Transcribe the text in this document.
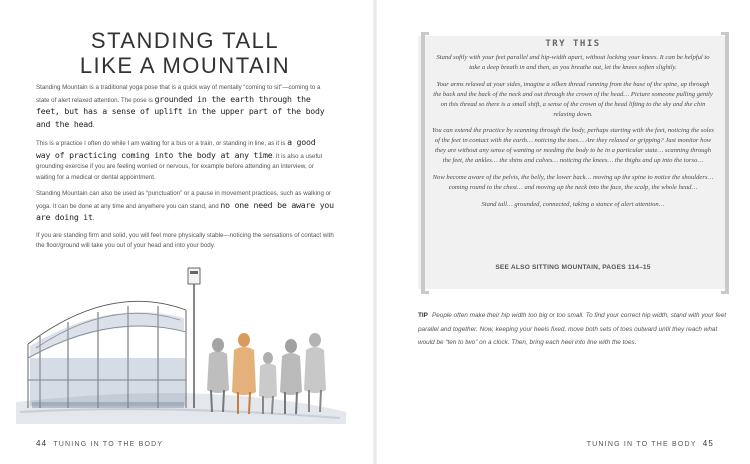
STANDING TALL
LIKE A MOUNTAIN

Standing Mountain is a traditional yoga pose that is a quick way of mentally “coming to sit”—coming to a state of alert relaxed attention. The pose is grounded in the earth through the feet, but has a sense of uplift in the upper part of the body and the head.

This is a practice I often do while I am waiting for a bus or a train, or standing in line, as it is a good way of practicing coming into the body at any time. It is also a useful grounding exercise if you are feeling worried or nervous, for example before attending an interview, or waiting for a medical or dental appointment.

Standing Mountain can also be used as “punctuation” or a pause in movement practices, such as walking or yoga. It can be done at any time and anywhere you can stand, and no one need be aware you are doing it.

If you are standing firm and solid, you will feel more physically stable—noticing the sensations of contact with the floor/ground will take you out of your head and into your body.

44 TUNING IN TO THE BODY
TRY THIS

Stand softly with your feet parallel and hip-width apart, without locking your knees. It can be helpful to take a deep breath in and then, as you breathe out, let the knees soften slightly.

Your arms relaxed at your sides, imagine a silken thread running from the base of the spine, up through the back and the back of the neck and out through the crown of the head… Picture someone pulling gently on this thread so there is a small shift, a sense of the crown of the head lifting to the sky and the chin relaxing down.

You can extend the practice by scanning through the body, perhaps starting with the feet, noticing the soles of the feet in contact with the earth… noticing the toes… Are they relaxed or gripping? Just monitor how they are without any sense of wanting or needing the body to be in a particular state… scanning through the feet, the ankles… the shins and calves… noticing the knees… the thighs and up into the torso…

Now become aware of the pelvis, the belly, the lower back… moving up the spine to notice the shoulders… coming round to the chest… and moving up the neck into the face, the scalp, the whole head…

Stand tall… grounded, connected, taking a stance of alert attention…

SEE ALSO SITTING MOUNTAIN, PAGES 114–15
TIP People often make their hip width too big or too small. To find your correct hip width, stand with your feet parallel and together. Now, keeping your heels fixed, move both sets of toes outward until they reach what would be “ten to two” on a clock. Then, bring each heel into line with the toes.
TUNING IN TO THE BODY 45
